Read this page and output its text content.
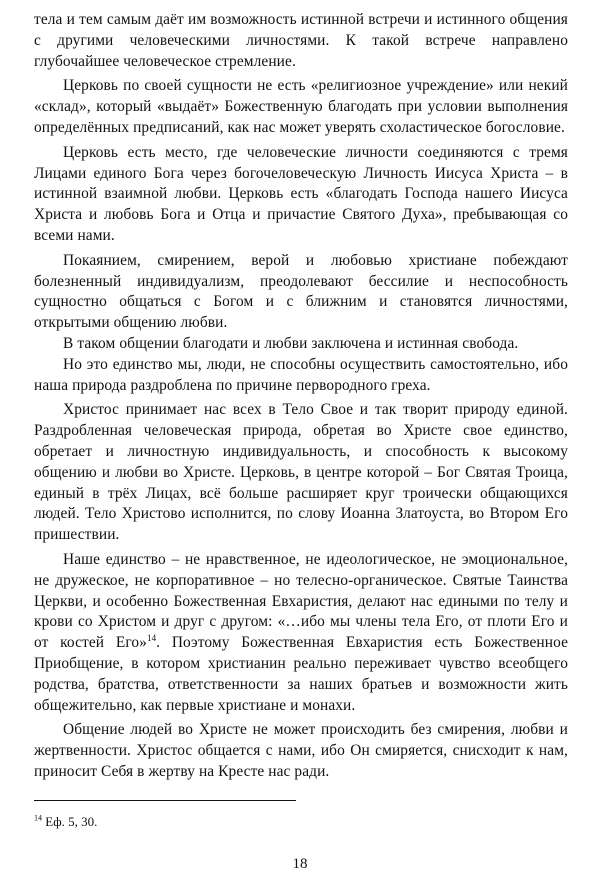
тела и тем самым даёт им возможность истинной встречи и истинного общения с другими человеческими личностями. К такой встрече направлено глубочайшее человеческое стремление.

Церковь по своей сущности не есть «религиозное учреждение» или некий «склад», который «выдаёт» Божественную благодать при условии выполнения определённых предписаний, как нас может уверять схоластическое богословие.

Церковь есть место, где человеческие личности соединяются с тремя Лицами единого Бога через богочеловеческую Личность Иисуса Христа – в истинной взаимной любви. Церковь есть «благодать Господа нашего Иисуса Христа и любовь Бога и Отца и причастие Святого Духа», пребывающая со всеми нами.

Покаянием, смирением, верой и любовью христиане побеждают болезненный индивидуализм, преодолевают бессилие и неспособность сущностно общаться с Богом и с ближним и становятся личностями, открытыми общению любви.

В таком общении благодати и любви заключена и истинная свобода.

Но это единство мы, люди, не способны осуществить самостоятельно, ибо наша природа раздроблена по причине первородного греха.

Христос принимает нас всех в Тело Свое и так творит природу единой. Раздробленная человеческая природа, обретая во Христе свое единство, обретает и личностную индивидуальность, и способность к высокому общению и любви во Христе. Церковь, в центре которой – Бог Святая Троица, единый в трёх Лицах, всё больше расширяет круг троически общающихся людей. Тело Христово исполнится, по слову Иоанна Златоуста, во Втором Его пришествии.

Наше единство – не нравственное, не идеологическое, не эмоциональное, не дружеское, не корпоративное – но телесно-органическое. Святые Таинства Церкви, и особенно Божественная Евхаристия, делают нас едиными по телу и крови со Христом и друг с другом: «…ибо мы члены тела Его, от плоти Его и от костей Его»$^{14}$. Поэтому Божественная Евхаристия есть Божественное Приобщение, в котором христианин реально переживает чувство всеобщего родства, братства, ответственности за наших братьев и возможности жить общежительно, как первые христиане и монахи.

Общение людей во Христе не может происходить без смирения, любви и жертвенности. Христос общается с нами, ибо Он смиряется, снисходит к нам, приносит Себя в жертву на Кресте нас ради.

$^{14}$ Еф. 5, 30.
18
